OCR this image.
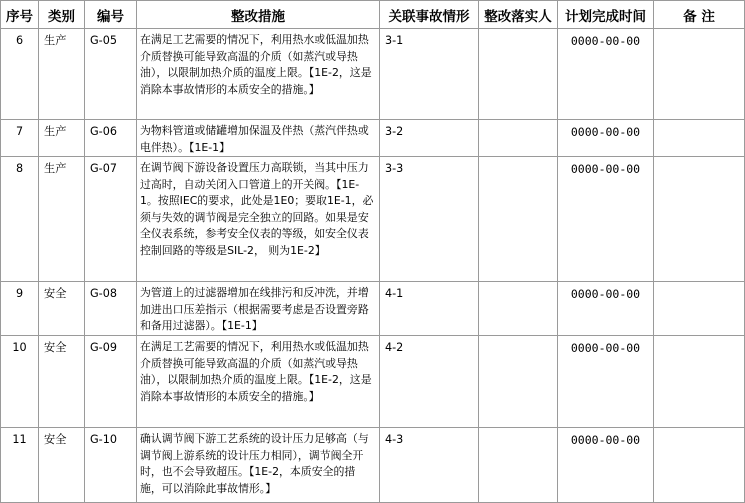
序号	类别	编号	整改措施	关联事故情形	整改落实人	计划完成时间	备 注
6	生产	G-05	在满足工艺需要的情况下，利用热水或低温加热介质替换可能导致高温的介质（如蒸汽或导热油），以限制加热介质的温度上限。【1E-2，这是消除本事故情形的本质安全的措施。】	3-1		0000-00-00	
7	生产	G-06	为物料管道或储罐增加保温及伴热（蒸汽伴热或电伴热）。【1E-1】	3-2		0000-00-00	
8	生产	G-07	在调节阀下游设备设置压力高联锁，当其中压力过高时，自动关闭入口管道上的开关阀。【1E-1。按照IEC的要求，此处是1E0；要取1E-1，必须与失效的调节阀是完全独立的回路。如果是安全仪表系统，参考安全仪表的等级，如安全仪表控制回路的等级是SIL-2， 则为1E-2】	3-3		0000-00-00	
9	安全	G-08	为管道上的过滤器增加在线排污和反冲洗，并增加进出口压差指示（根据需要考虑是否设置旁路和备用过滤器）。【1E-1】	4-1		0000-00-00	
10	安全	G-09	在满足工艺需要的情况下，利用热水或低温加热介质替换可能导致高温的介质（如蒸汽或导热油），以限制加热介质的温度上限。【1E-2，这是消除本事故情形的本质安全的措施。】	4-2		0000-00-00	
11	安全	G-10	确认调节阀下游工艺系统的设计压力足够高（与调节阀上游系统的设计压力相同），调节阀全开时，也不会导致超压。【1E-2，本质安全的措施，可以消除此事故情形。】	4-3		0000-00-00	
